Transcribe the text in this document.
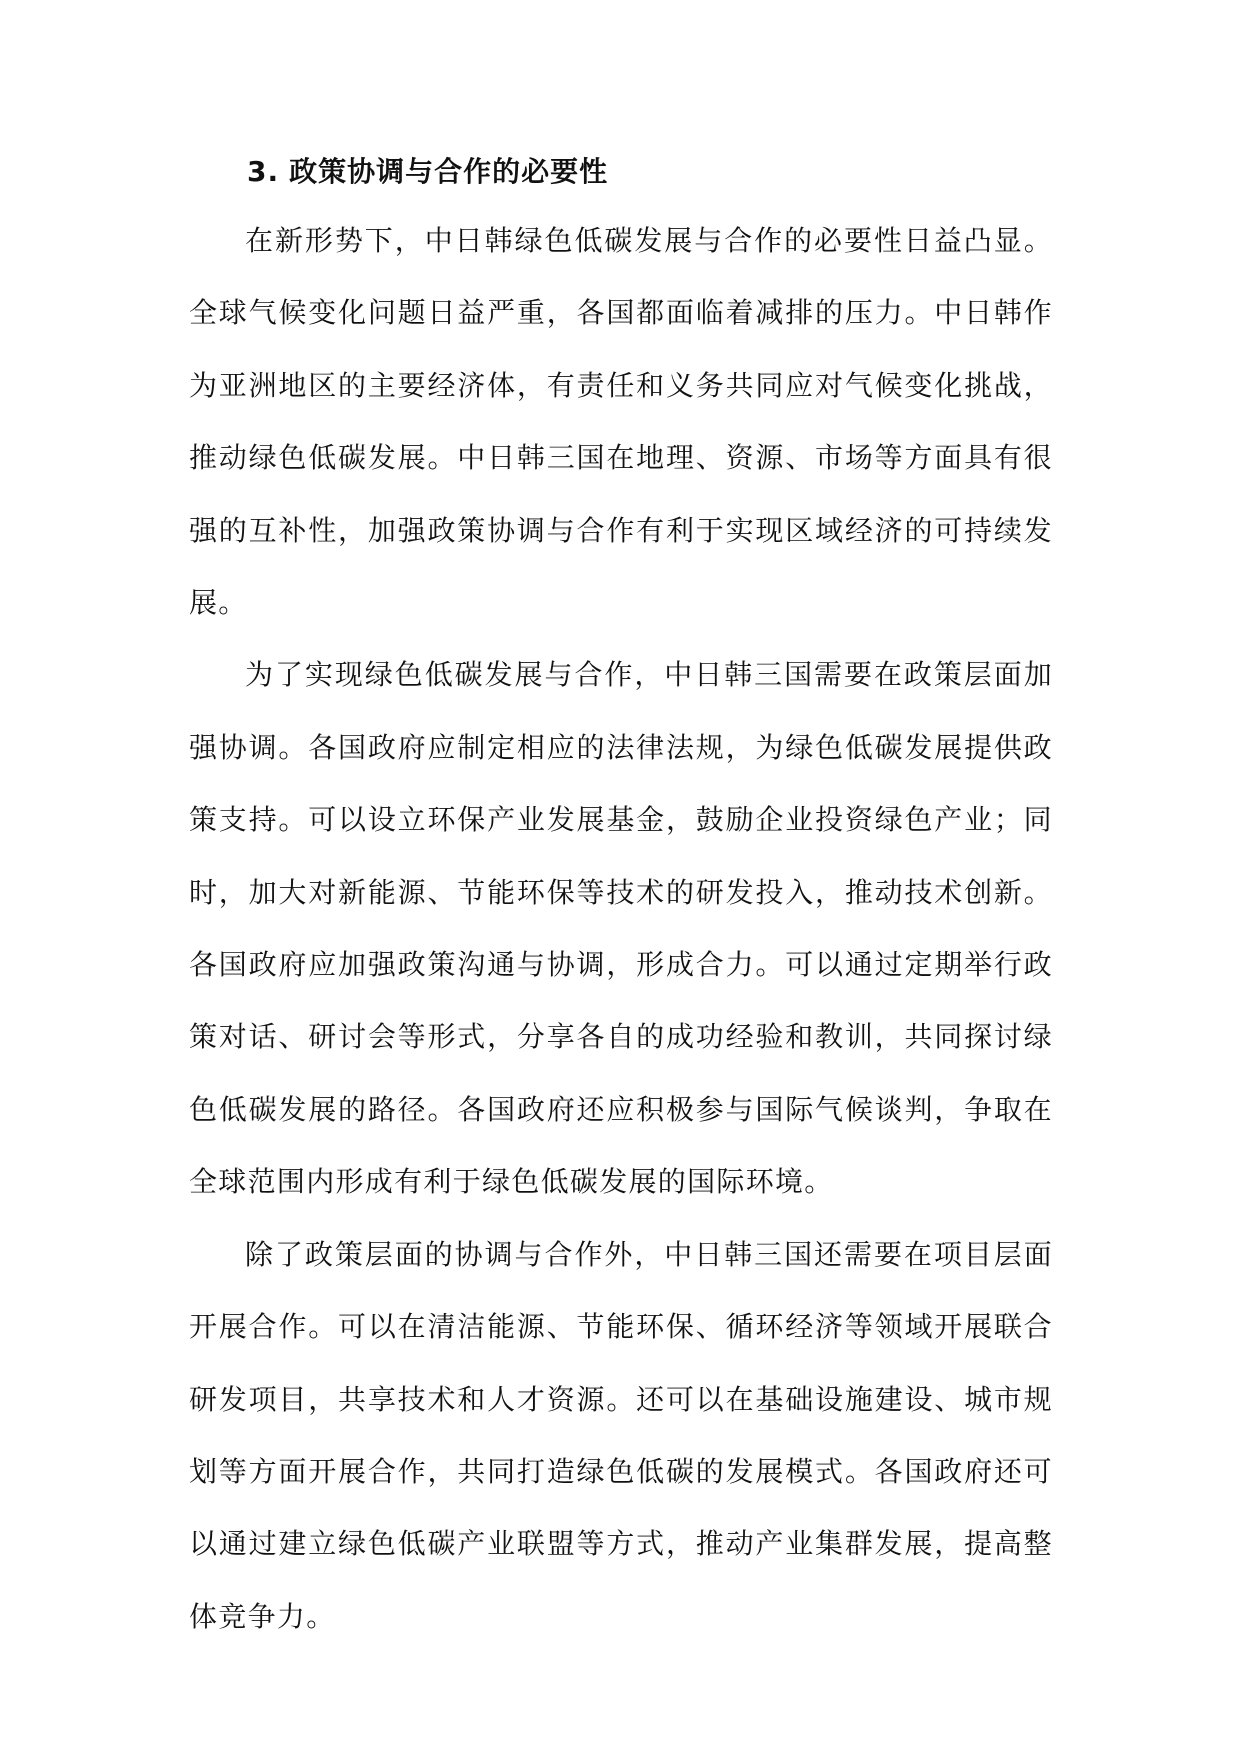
3. 政策协调与合作的必要性

在新形势下，中日韩绿色低碳发展与合作的必要性日益凸显。全球气候变化问题日益严重，各国都面临着减排的压力。中日韩作为亚洲地区的主要经济体，有责任和义务共同应对气候变化挑战，推动绿色低碳发展。中日韩三国在地理、资源、市场等方面具有很强的互补性，加强政策协调与合作有利于实现区域经济的可持续发展。

为了实现绿色低碳发展与合作，中日韩三国需要在政策层面加强协调。各国政府应制定相应的法律法规，为绿色低碳发展提供政策支持。可以设立环保产业发展基金，鼓励企业投资绿色产业；同时，加大对新能源、节能环保等技术的研发投入，推动技术创新。各国政府应加强政策沟通与协调，形成合力。可以通过定期举行政策对话、研讨会等形式，分享各自的成功经验和教训，共同探讨绿色低碳发展的路径。各国政府还应积极参与国际气候谈判，争取在全球范围内形成有利于绿色低碳发展的国际环境。

除了政策层面的协调与合作外，中日韩三国还需要在项目层面开展合作。可以在清洁能源、节能环保、循环经济等领域开展联合研发项目，共享技术和人才资源。还可以在基础设施建设、城市规划等方面开展合作，共同打造绿色低碳的发展模式。各国政府还可以通过建立绿色低碳产业联盟等方式，推动产业集群发展，提高整体竞争力。
